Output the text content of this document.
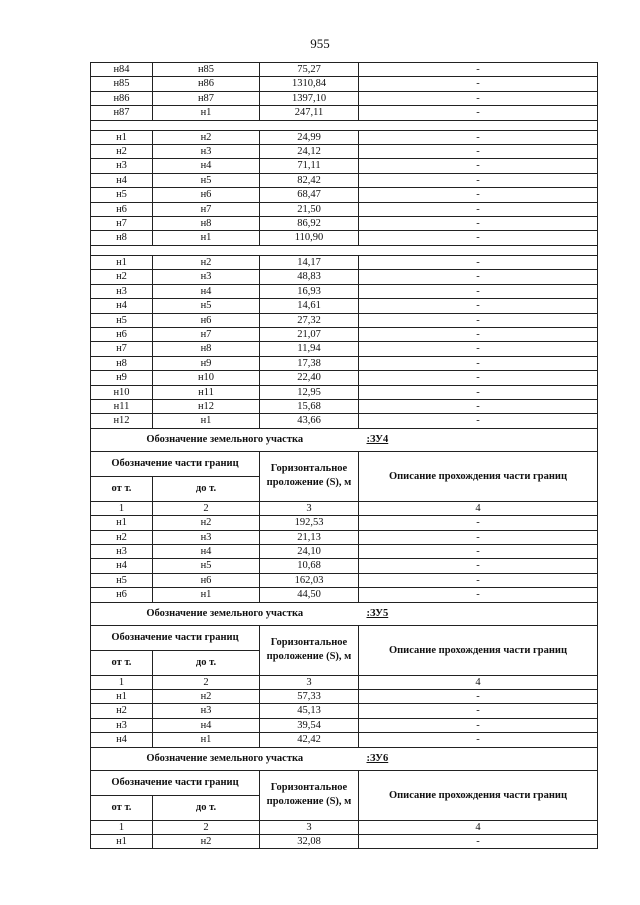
955
н84	н85	75,27	-
н85	н86	1310,84	-
н86	н87	1397,10	-
н87	н1	247,11	-

н1	н2	24,99	-
н2	н3	24,12	-
н3	н4	71,11	-
н4	н5	82,42	-
н5	н6	68,47	-
н6	н7	21,50	-
н7	н8	86,92	-
н8	н1	110,90	-

н1	н2	14,17	-
н2	н3	48,83	-
н3	н4	16,93	-
н4	н5	14,61	-
н5	н6	27,32	-
н6	н7	21,07	-
н7	н8	11,94	-
н8	н9	17,38	-
н9	н10	22,40	-
н10	н11	12,95	-
н11	н12	15,68	-
н12	н1	43,66	-
Обозначение земельного участка			:ЗУ4
Обозначение части границ		Горизонтальное проложение (S), м	Описание прохождения части границ
от т.	до т.		
1	2	3	4
н1	н2	192,53	-
н2	н3	21,13	-
н3	н4	24,10	-
н4	н5	10,68	-
н5	н6	162,03	-
н6	н1	44,50	-
Обозначение земельного участка			:ЗУ5
Обозначение части границ		Горизонтальное проложение (S), м	Описание прохождения части границ
от т.	до т.		
1	2	3	4
н1	н2	57,33	-
н2	н3	45,13	-
н3	н4	39,54	-
н4	н1	42,42	-
Обозначение земельного участка			:ЗУ6
Обозначение части границ		Горизонтальное проложение (S), м	Описание прохождения части границ
от т.	до т.		
1	2	3	4
н1	н2	32,08	-
